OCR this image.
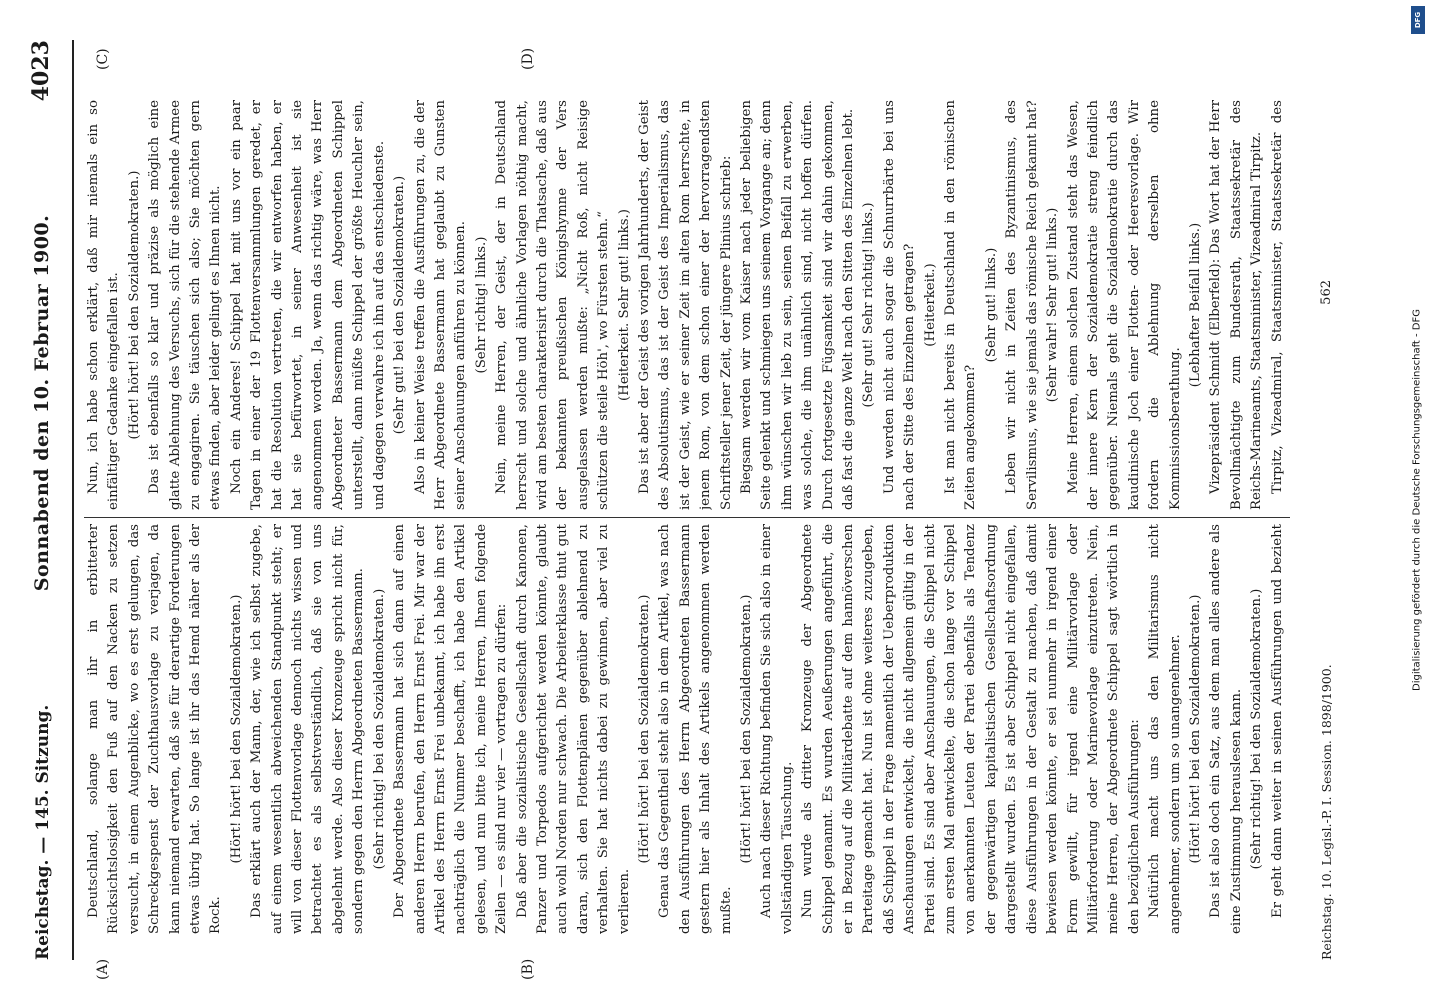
Reichstag. — 145. Sitzung.
Sonnabend den 10. Februar 1900.
4023
(A)	(B)
(C)	(D)

Deutschland, solange man ihr in erbitterter Rücksichtslosigkeit den Fuß auf den Nacken zu setzen versucht, in einem Augenblicke, wo es erst gelungen, das Schreckgespenst der Zuchthausvorlage zu verjagen, da kann niemand erwarten, daß sie für derartige Forderungen etwas übrig hat. So lange ist ihr das Hemd näher als der Rock.

(Hört! hört! bei den Sozialdemokraten.) Das erklärt auch der Mann, der, wie ich selbst zugebe, auf einem wesentlich abweichenden Standpunkt steht; er will von dieser Flottenvorlage dennoch nichts wissen und betrachtet es als selbstverständlich, daß sie von uns abgelehnt werde. Also dieser Kronzeuge spricht nicht für, sondern gegen den Herrn Abgeordneten Bassermann. (Sehr richtig! bei den Sozialdemokraten.) Der Abgeordnete Bassermann hat sich dann auf einen anderen Herrn berufen, den Herrn Ernst Frei. Mir war der Artikel des Herrn Ernst Frei unbekannt, ich habe ihn erst nachträglich die Nummer beschafft, ich habe den Artikel gelesen, und nun bitte ich, meine Herren, Ihnen folgende Zeilen — es sind nur vier — vortragen zu dürfen: Daß aber die sozialistische Gesellschaft durch Kanonen, Panzer und Torpedos aufgerichtet werden könnte, glaubt auch wohl Norden nur schwach. Die Arbeiterklasse thut gut daran, sich den Flottenplänen gegenüber ablehnend zu verhalten. Sie hat nichts dabei zu gewinnen, aber viel zu verlieren.

(Hört! hört! bei den Sozialdemokraten.) Genau das Gegentheil steht also in dem Artikel, was nach den Ausführungen des Herrn Abgeordneten Bassermann gestern hier als Inhalt des Artikels angenommen werden mußte.

(Hört! hört! bei den Sozialdemokraten.) Auch nach dieser Richtung befinden Sie sich also in einer vollständigen Täuschung. Nun wurde als dritter Kronzeuge der Abgeordnete Schippel genannt. Es wurden Aeußerungen angeführt, die er in Bezug auf die Militärdebatte auf dem hannöverschen Parteitage gemacht hat. Nun ist ohne weiteres zuzugeben, daß Schippel in der Frage namentlich der Ueberproduktion Anschauungen entwickelt, die nicht allgemein gültig in der Partei sind. Es sind aber Anschauungen, die Schippel nicht zum ersten Mal entwickelte, die schon lange vor Schippel von anerkannten Leuten der Partei ebenfalls als Tendenz der gegenwärtigen kapitalistischen Gesellschaftsordnung dargestellt wurden. Es ist aber Schippel nicht eingefallen, diese Ausführungen in der Gestalt zu machen, daß damit bewiesen werden könnte, er sei nunmehr in irgend einer Form gewillt, für irgend eine Militärvorlage oder Militärforderung oder Marinevorlage einzutreten. Nein, meine Herren, der Abgeordnete Schippel sagt wörtlich in den bezüglichen Ausführungen: Natürlich macht uns das den Militarismus nicht angenehmer, sondern um so unangenehmer. (Hört! hört! bei den Sozialdemokraten.) Das ist also doch ein Satz, aus dem man alles andere als eine Zustimmung herauslesen kann. (Sehr richtig! bei den Sozialdemokraten.)

Er geht dann weiter in seinen Ausführungen und bezieht

Nun, ich habe schon erklärt, daß mir niemals ein so einfältiger Gedanke eingefallen ist. (Hört! hört! bei den Sozialdemokraten.) Das ist ebenfalls so klar und präzise als möglich eine glatte Ablehnung des Versuchs, sich für die stehende Armee zu engagiren. Sie täuschen sich also; Sie möchten gern etwas finden, aber leider gelingt es Ihnen nicht. Noch ein Anderes! Schippel hat mit uns vor ein paar Tagen in einer der 19 Flottenversammlungen geredet, er hat die Resolution vertreten, die wir entworfen haben, er hat sie befürwortet, in seiner Anwesenheit ist sie angenommen worden. Ja, wenn das richtig wäre, was Herr Abgeordneter Bassermann dem Abgeordneten Schippel unterstellt, dann müßte Schippel der größte Heuchler sein, und dagegen verwahre ich ihn auf das entschiedenste. (Sehr gut! bei den Sozialdemokraten.) Also in keiner Weise treffen die Ausführungen zu, die der Herr Abgeordnete Bassermann hat geglaubt zu Gunsten seiner Anschauungen anführen zu können. (Sehr richtig! links.) Nein, meine Herren, der Geist, der in Deutschland herrscht und solche und ähnliche Vorlagen nöthig macht, wird am besten charakterisirt durch die Thatsache, daß aus der bekannten preußischen Königshymne der Vers ausgelassen werden mußte: „Nicht Roß, nicht Reisige schützen die steile Höh', wo Fürsten stehn.“ (Heiterkeit. Sehr gut! links.) Das ist aber der Geist des vorigen Jahrhunderts, der Geist des Absolutismus, das ist der Geist des Imperialismus, das ist der Geist, wie er seiner Zeit im alten Rom herrschte, in jenem Rom, von dem schon einer der hervorragendsten Schriftsteller jener Zeit, der jüngere Plinius schrieb: Biegsam werden wir vom Kaiser nach jeder beliebigen Seite gelenkt und schmiegen uns seinem Vorgange an; denn ihm wünschen wir lieb zu sein, seinen Beifall zu erwerben, was solche, die ihm unähnlich sind, nicht hoffen dürfen. Durch fortgesetzte Fügsamkeit sind wir dahin gekommen, daß fast die ganze Welt nach den Sitten des Einzelnen lebt. (Sehr gut! Sehr richtig! links.) Und werden nicht auch sogar die Schnurrbärte bei uns nach der Sitte des Einzelnen getragen? (Heiterkeit.) Ist man nicht bereits in Deutschland in den römischen Zeiten angekommen?

(Sehr gut! links.) Leben wir nicht in Zeiten des Byzantinismus, des Servilismus, wie sie jemals das römische Reich gekannt hat? (Sehr wahr! Sehr gut! links.) Meine Herren, einem solchen Zustand steht das Wesen, der innere Kern der Sozialdemokratie streng feindlich gegenüber. Niemals geht die Sozialdemokratie durch das kaudinische Joch einer Flotten- oder Heeresvorlage. Wir fordern die Ablehnung derselben ohne Kommissionsberathung.

(Lebhafter Beifall links.) Vizepräsident Schmidt (Elberfeld): Das Wort hat der Herr Bevollmächtigte zum Bundesrath, Staatssekretär des Reichs-Marineamts, Staatsminister, Vizeadmiral Tirpitz. Tirpitz, Vizeadmiral, Staatsminister, Staatssekretär des

Reichstag. 10. Legisl.-P. I. Session. 1898/1900.
562
DFG
Digitalisierung gefördert durch die Deutsche Forschungsgemeinschaft - DFG
